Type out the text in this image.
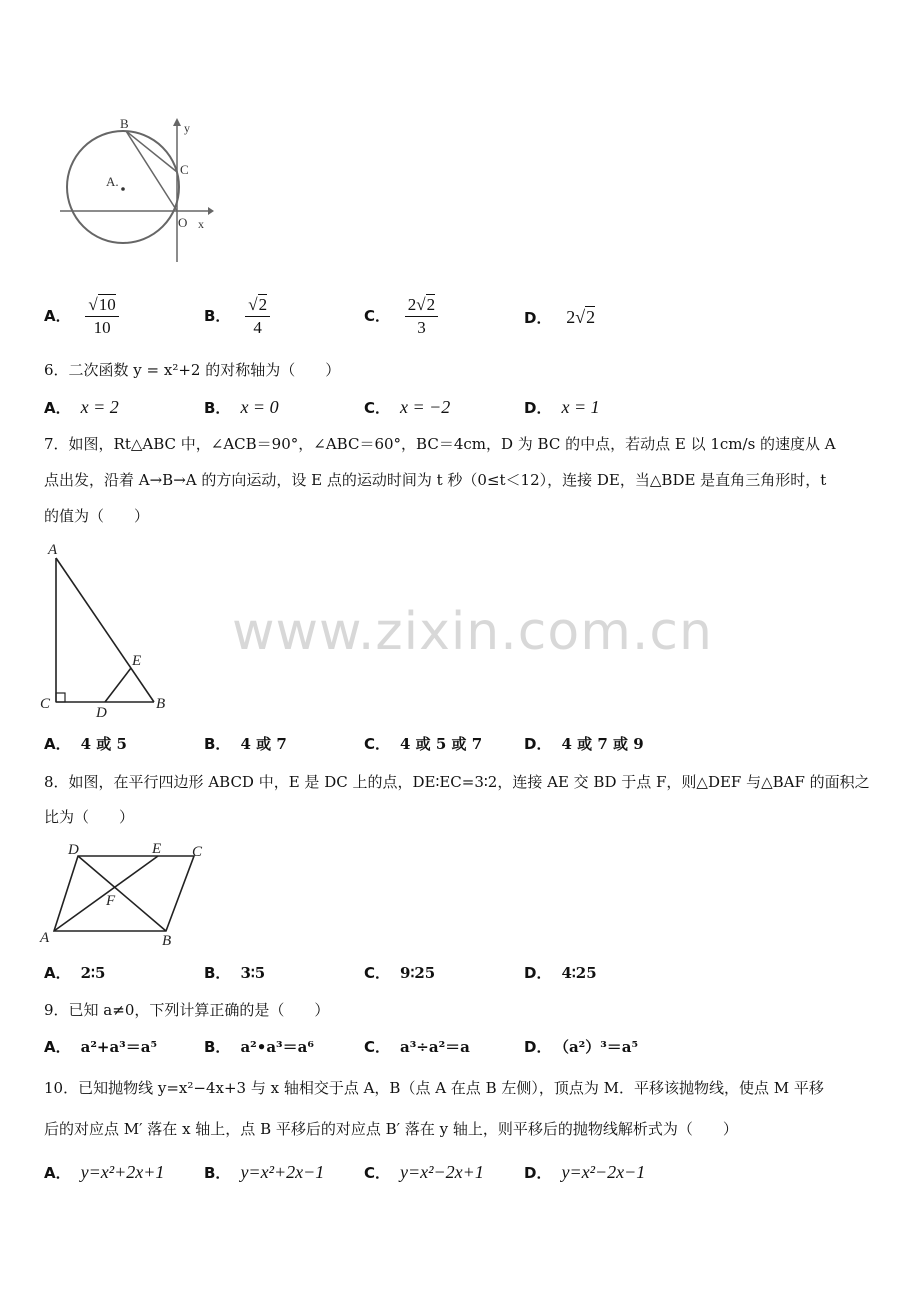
www.zixin.com.cn
B
A.
C
O x
y
A． $\frac{√10}{10}$	B． $\frac{√2}{4}$	C． $\frac{2√2}{3}$	D． 2√2
6．二次函数 y = x²+2 的对称轴为（　　）
A． x = 2	B． x = 0	C． x = −2	D． x = 1
7．如图，Rt△ABC 中，∠ACB＝90°，∠ABC＝60°，BC＝4cm，D 为 BC 的中点，若动点 E 以 1cm/s 的速度从 A
点出发，沿着 A→B→A 的方向运动，设 E 点的运动时间为 t 秒（0≤t＜12），连接 DE，当△BDE 是直角三角形时，t
的值为（　　）
A
C
D
E
B
A． 4 或 5	B． 4 或 7	C． 4 或 5 或 7	D． 4 或 7 或 9
8．如图，在平行四边形 ABCD 中，E 是 DC 上的点，DE∶EC=3∶2，连接 AE 交 BD 于点 F，则△DEF 与△BAF 的面积之
比为（　　）
D	E C
F
A	B
A． 2∶5	B． 3∶5	C． 9∶25	D． 4∶25
9．已知 a≠0，下列计算正确的是（　　）
A． a²+a³＝a⁵	B． a²•a³＝a⁶	C． a³÷a²＝a	D． （a²）³＝a⁵
10．已知抛物线 y=x²−4x+3 与 x 轴相交于点 A，B（点 A 在点 B 左侧），顶点为 M．平移该抛物线，使点 M 平移
后的对应点 M′ 落在 x 轴上，点 B 平移后的对应点 B′ 落在 y 轴上，则平移后的抛物线解析式为（　　）
A． y=x²+2x+1	B． y=x²+2x−1	C． y=x²−2x+1	D． y=x²−2x−1
